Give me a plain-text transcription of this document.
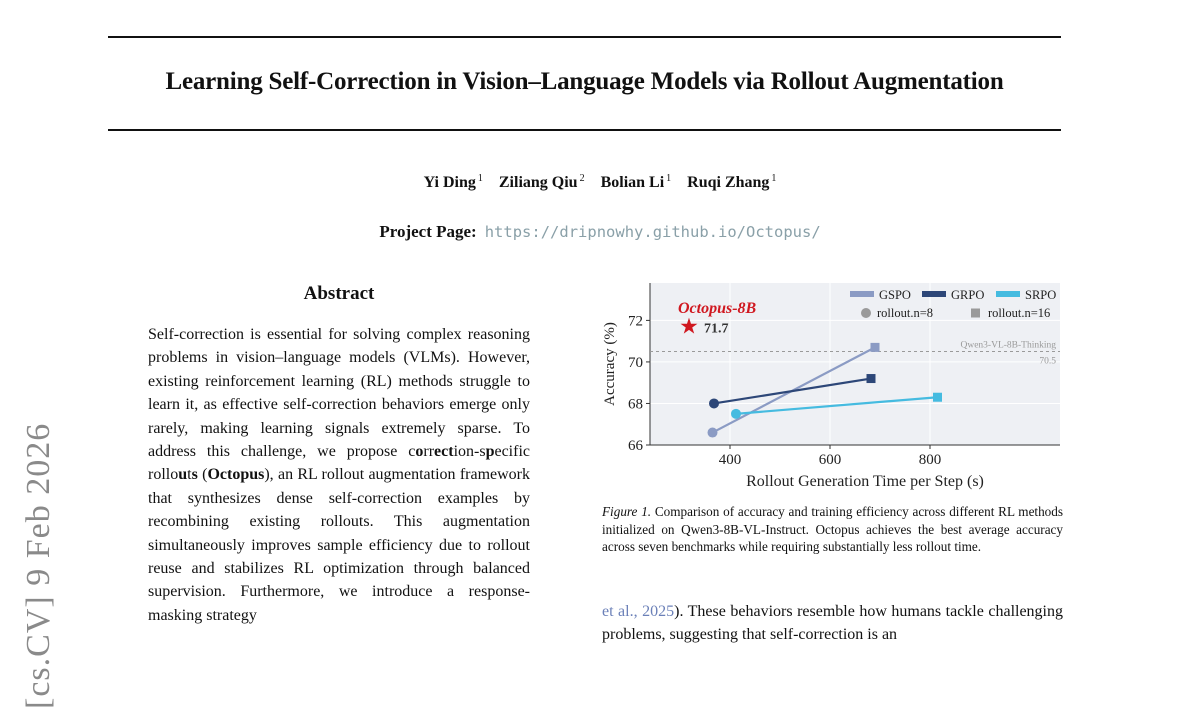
Learning Self-Correction in Vision–Language Models via Rollout Augmentation
Yi Ding $^1$ Ziliang Qiu $^2$ Bolian Li $^1$ Ruqi Zhang $^1$
Project Page: https://dripnowhy.github.io/Octopus/
[cs.CV] 9 Feb 2026
Abstract
Self-correction is essential for solving complex reasoning problems in vision–language models (VLMs). However, existing reinforcement learning (RL) methods struggle to learn it, as effective self-correction behaviors emerge only rarely, making learning signals extremely sparse. To address this challenge, we propose correction-specific rollouts (Octopus), an RL rollout augmentation framework that synthesizes dense self-correction examples by recombining existing rollouts. This augmentation simultaneously improves sample efficiency due to rollout reuse and stabilizes RL optimization through balanced supervision. Furthermore, we introduce a response-masking strategy
400	600	800
66
68
70
72
Rollout Generation Time per Step (s)
Accuracy (%)	Qwen3-VL-8B-Thinking
70.5
Octopus-8B
★ 71.7
GSPO	GRPO	SRPO
rollout.n=8	rollout.n=16
Figure 1. Comparison of accuracy and training efficiency across different RL methods initialized on Qwen3-8B-VL-Instruct. Octopus achieves the best average accuracy across seven benchmarks while requiring substantially less rollout time.
et al., 2025). These behaviors resemble how humans tackle challenging problems, suggesting that self-correction is an
